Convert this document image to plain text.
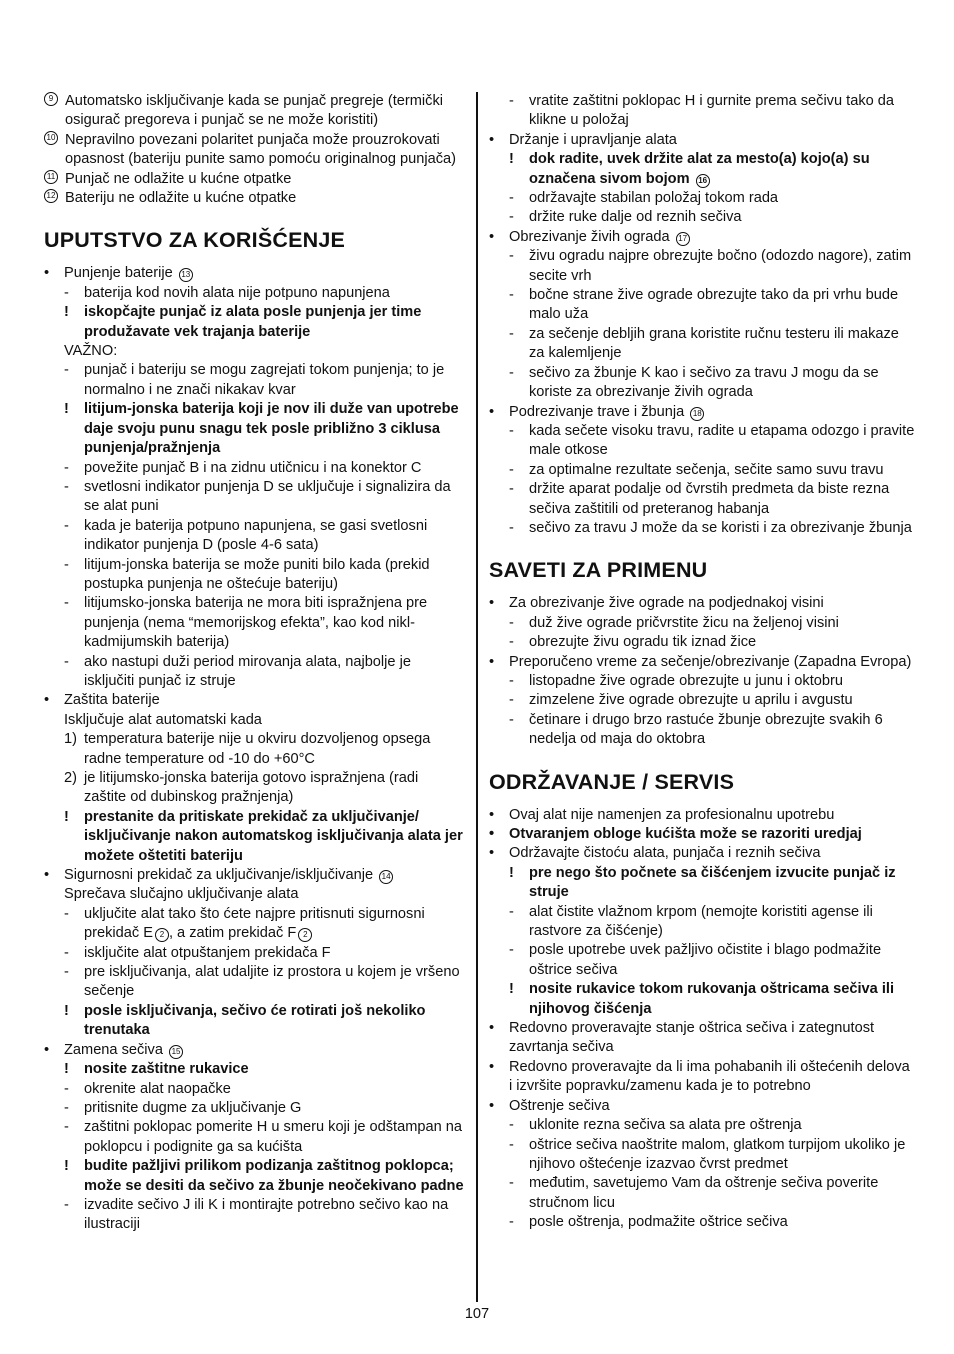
9 Automatsko isključivanje kada se punjač pregreje (termički osigurač pregoreva i punjač se ne može koristiti)
10 Nepravilno povezani polaritet punjača može prouzrokovati opasnost (bateriju punite samo pomoću originalnog punjača)
11 Punjač ne odlažite u kućne otpatke
12 Bateriju ne odlažite u kućne otpatke
UPUTSTVO ZA KORIŠĆENJE
• Punjenje baterije 13
- baterija kod novih alata nije potpuno napunjena
! iskopčajte punjač iz alata posle punjenja jer time produžavate vek trajanja baterije
VAŽNO:
- punjač i bateriju se mogu zagrejati tokom punjenja; to je normalno i ne znači nikakav kvar
! litijum-jonska baterija koji je nov ili duže van upotrebe daje svoju punu snagu tek posle približno 3 ciklusa punjenja/pražnjenja
- povežite punjač B i na zidnu utičnicu i na konektor C
- svetlosni indikator punjenja D se uključuje i signalizira da se alat puni
- kada je baterija potpuno napunjena, se gasi svetlosni indikator punjenja D (posle 4-6 sata)
- litijum-jonska baterija se može puniti bilo kada (prekid postupka punjenja ne oštećuje bateriju)
- litijumsko-jonska baterija ne mora biti ispražnjena pre punjenja (nema “memorijskog efekta”, kao kod nikl-kadmijumskih baterija)
- ako nastupi duži period mirovanja alata, najbolje je isključiti punjač iz struje
• Zaštita baterije
Isključuje alat automatski kada
1) temperatura baterije nije u okviru dozvoljenog opsega radne temperature od -10 do +60°C
2) je litijumsko-jonska baterija gotovo ispražnjena (radi zaštite od dubinskog pražnjenja)
! prestanite da pritiskate prekidač za uključivanje/ isključivanje nakon automatskog isključivanja alata jer možete oštetiti bateriju
• Sigurnosni prekidač za uključivanje/isključivanje 14
Sprečava slučajno uključivanje alata
- uključite alat tako što ćete najpre pritisnuti sigurnosni prekidač E 2 , a zatim prekidač F 2
- isključite alat otpuštanjem prekidača F
- pre isključivanja, alat udaljite iz prostora u kojem je vršeno sečenje
! posle isključivanja, sečivo će rotirati još nekoliko trenutaka
• Zamena sečiva 15
! nosite zaštitne rukavice
- okrenite alat naopačke
- pritisnite dugme za uključivanje G
- zaštitni poklopac pomerite H u smeru koji je odštampan na poklopcu i podignite ga sa kućišta
! budite pažljivi prilikom podizanja zaštitnog poklopca; može se desiti da sečivo za žbunje neočekivano padne
- izvadite sečivo J ili K i montirajte potrebno sečivo kao na ilustraciji
- vratite zaštitni poklopac H i gurnite prema sečivu tako da klikne u položaj
• Držanje i upravljanje alata
! dok radite, uvek držite alat za mesto(a) kojo(a) su označena sivom bojom 16
- održavajte stabilan položaj tokom rada
- držite ruke dalje od reznih sečiva
• Obrezivanje živih ograda 17
- živu ogradu najpre obrezujte bočno (odozdo nagore), zatim secite vrh
- bočne strane žive ograde obrezujte tako da pri vrhu bude malo uža
- za sečenje debljih grana koristite ručnu testeru ili makaze za kalemljenje
- sečivo za žbunje K kao i sečivo za travu J mogu da se koriste za obrezivanje živih ograda
• Podrezivanje trave i žbunja 18
- kada sečete visoku travu, radite u etapama odozgo i pravite male otkose
- za optimalne rezultate sečenja, sečite samo suvu travu
- držite aparat podalje od čvrstih predmeta da biste rezna sečiva zaštitili od preteranog habanja
- sečivo za travu J može da se koristi i za obrezivanje žbunja
SAVETI ZA PRIMENU
• Za obrezivanje žive ograde na podjednakoj visini
- duž žive ograde pričvrstite žicu na željenoj visini
- obrezujte živu ogradu tik iznad žice
• Preporučeno vreme za sečenje/obrezivanje (Zapadna Evropa)
- listopadne žive ograde obrezujte u junu i oktobru
- zimzelene žive ograde obrezujte u aprilu i avgustu
- četinare i drugo brzo rastuće žbunje obrezujte svakih 6 nedelja od maja do oktobra
ODRŽAVANJE / SERVIS
• Ovaj alat nije namenjen za profesionalnu upotrebu
• Otvaranjem obloge kućišta može se razoriti uredjaj
• Održavajte čistoću alata, punjača i reznih sečiva
! pre nego što počnete sa čišćenjem izvucite punjač iz struje
- alat čistite vlažnom krpom (nemojte koristiti agense ili rastvore za čišćenje)
- posle upotrebe uvek pažljivo očistite i blago podmažite oštrice sečiva
! nosite rukavice tokom rukovanja oštricama sečiva ili njihovog čišćenja
• Redovno proveravajte stanje oštrica sečiva i zategnutost zavrtanja sečiva
• Redovno proveravajte da li ima pohabanih ili oštećenih delova i izvršite popravku/zamenu kada je to potrebno
• Oštrenje sečiva
- uklonite rezna sečiva sa alata pre oštrenja
- oštrice sečiva naoštrite malom, glatkom turpijom ukoliko je njihovo oštećenje izazvao čvrst predmet
- međutim, savetujemo Vam da oštrenje sečiva poverite stručnom licu
- posle oštrenja, podmažite oštrice sečiva
107
